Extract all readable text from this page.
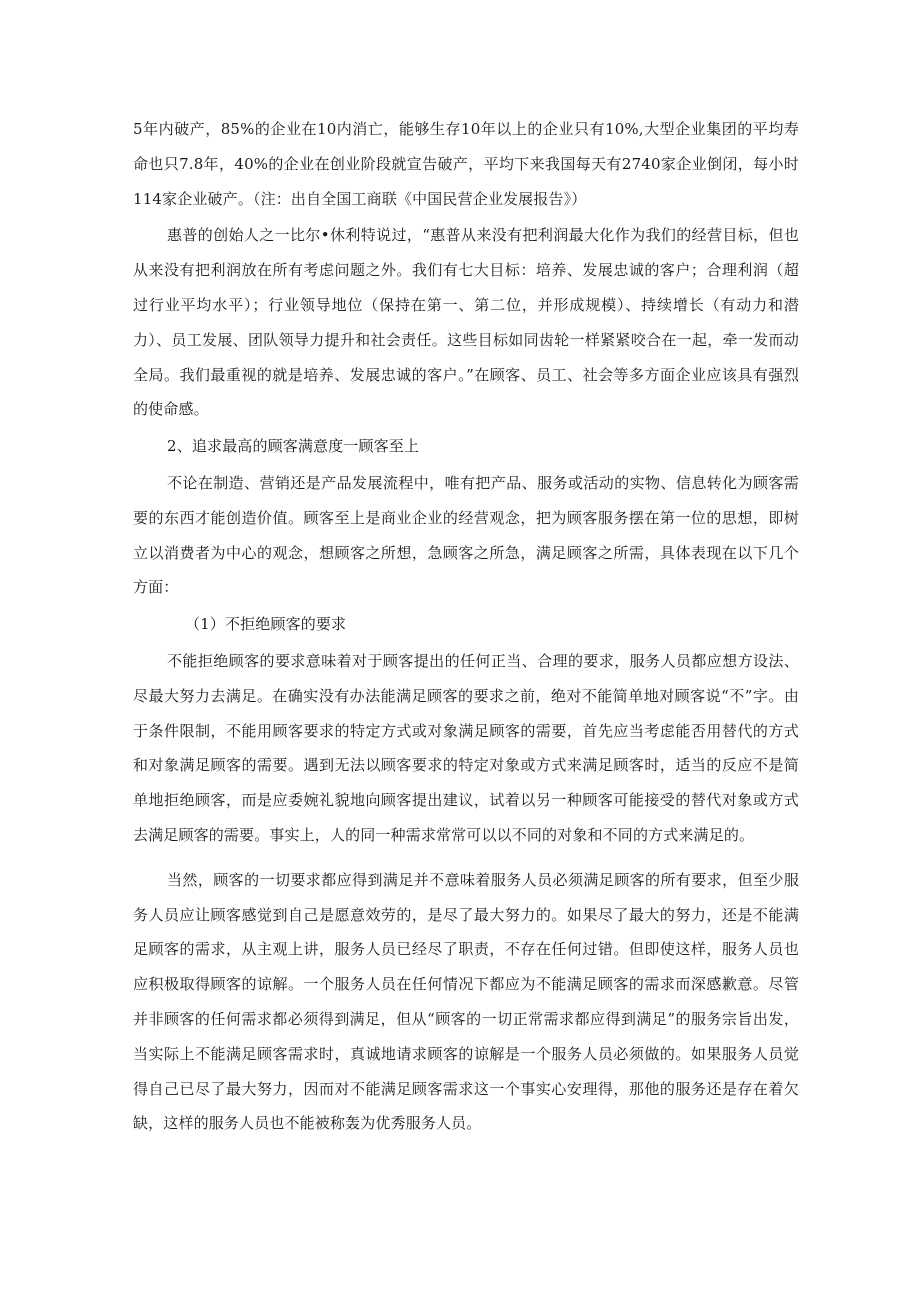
5年内破产，85%的企业在10内消亡，能够生存10年以上的企业只有10%,大型企业集团的平均寿命也只7.8年，40%的企业在创业阶段就宣告破产，平均下来我国每天有2740家企业倒闭，每小时114家企业破产。（注：出自全国工商联《中国民营企业发展报告》）

惠普的创始人之一比尔•休利特说过，“惠普从来没有把利润最大化作为我们的经营目标，但也从来没有把利润放在所有考虑问题之外。我们有七大目标：培养、发展忠诚的客户；合理利润（超过行业平均水平）；行业领导地位（保持在第一、第二位，并形成规模）、持续增长（有动力和潜力）、员工发展、团队领导力提升和社会责任。这些目标如同齿轮一样紧紧咬合在一起，牵一发而动全局。我们最重视的就是培养、发展忠诚的客户。”在顾客、员工、社会等多方面企业应该具有强烈的使命感。

2、追求最高的顾客满意度一顾客至上

不论在制造、营销还是产品发展流程中，唯有把产品、服务或活动的实物、信息转化为顾客需要的东西才能创造价值。顾客至上是商业企业的经营观念，把为顾客服务摆在第一位的思想，即树立以消费者为中心的观念，想顾客之所想，急顾客之所急，满足顾客之所需，具体表现在以下几个方面：

（1）不拒绝顾客的要求

不能拒绝顾客的要求意味着对于顾客提出的任何正当、合理的要求，服务人员都应想方设法、尽最大努力去满足。在确实没有办法能满足顾客的要求之前，绝对不能简单地对顾客说“不”字。由于条件限制，不能用顾客要求的特定方式或对象满足顾客的需要，首先应当考虑能否用替代的方式和对象满足顾客的需要。遇到无法以顾客要求的特定对象或方式来满足顾客时，适当的反应不是简单地拒绝顾客，而是应委婉礼貌地向顾客提出建议，试着以另一种顾客可能接受的替代对象或方式去满足顾客的需要。事实上，人的同一种需求常常可以以不同的对象和不同的方式来满足的。

当然，顾客的一切要求都应得到满足并不意味着服务人员必须满足顾客的所有要求，但至少服务人员应让顾客感觉到自己是愿意效劳的，是尽了最大努力的。如果尽了最大的努力，还是不能满足顾客的需求，从主观上讲，服务人员已经尽了职责，不存在任何过错。但即使这样，服务人员也应积极取得顾客的谅解。一个服务人员在任何情况下都应为不能满足顾客的需求而深感歉意。尽管并非顾客的任何需求都必须得到满足，但从“顾客的一切正常需求都应得到满足”的服务宗旨出发，当实际上不能满足顾客需求时，真诚地请求顾客的谅解是一个服务人员必须做的。如果服务人员觉得自己已尽了最大努力，因而对不能满足顾客需求这一个事实心安理得，那他的服务还是存在着欠缺，这样的服务人员也不能被称轰为优秀服务人员。
